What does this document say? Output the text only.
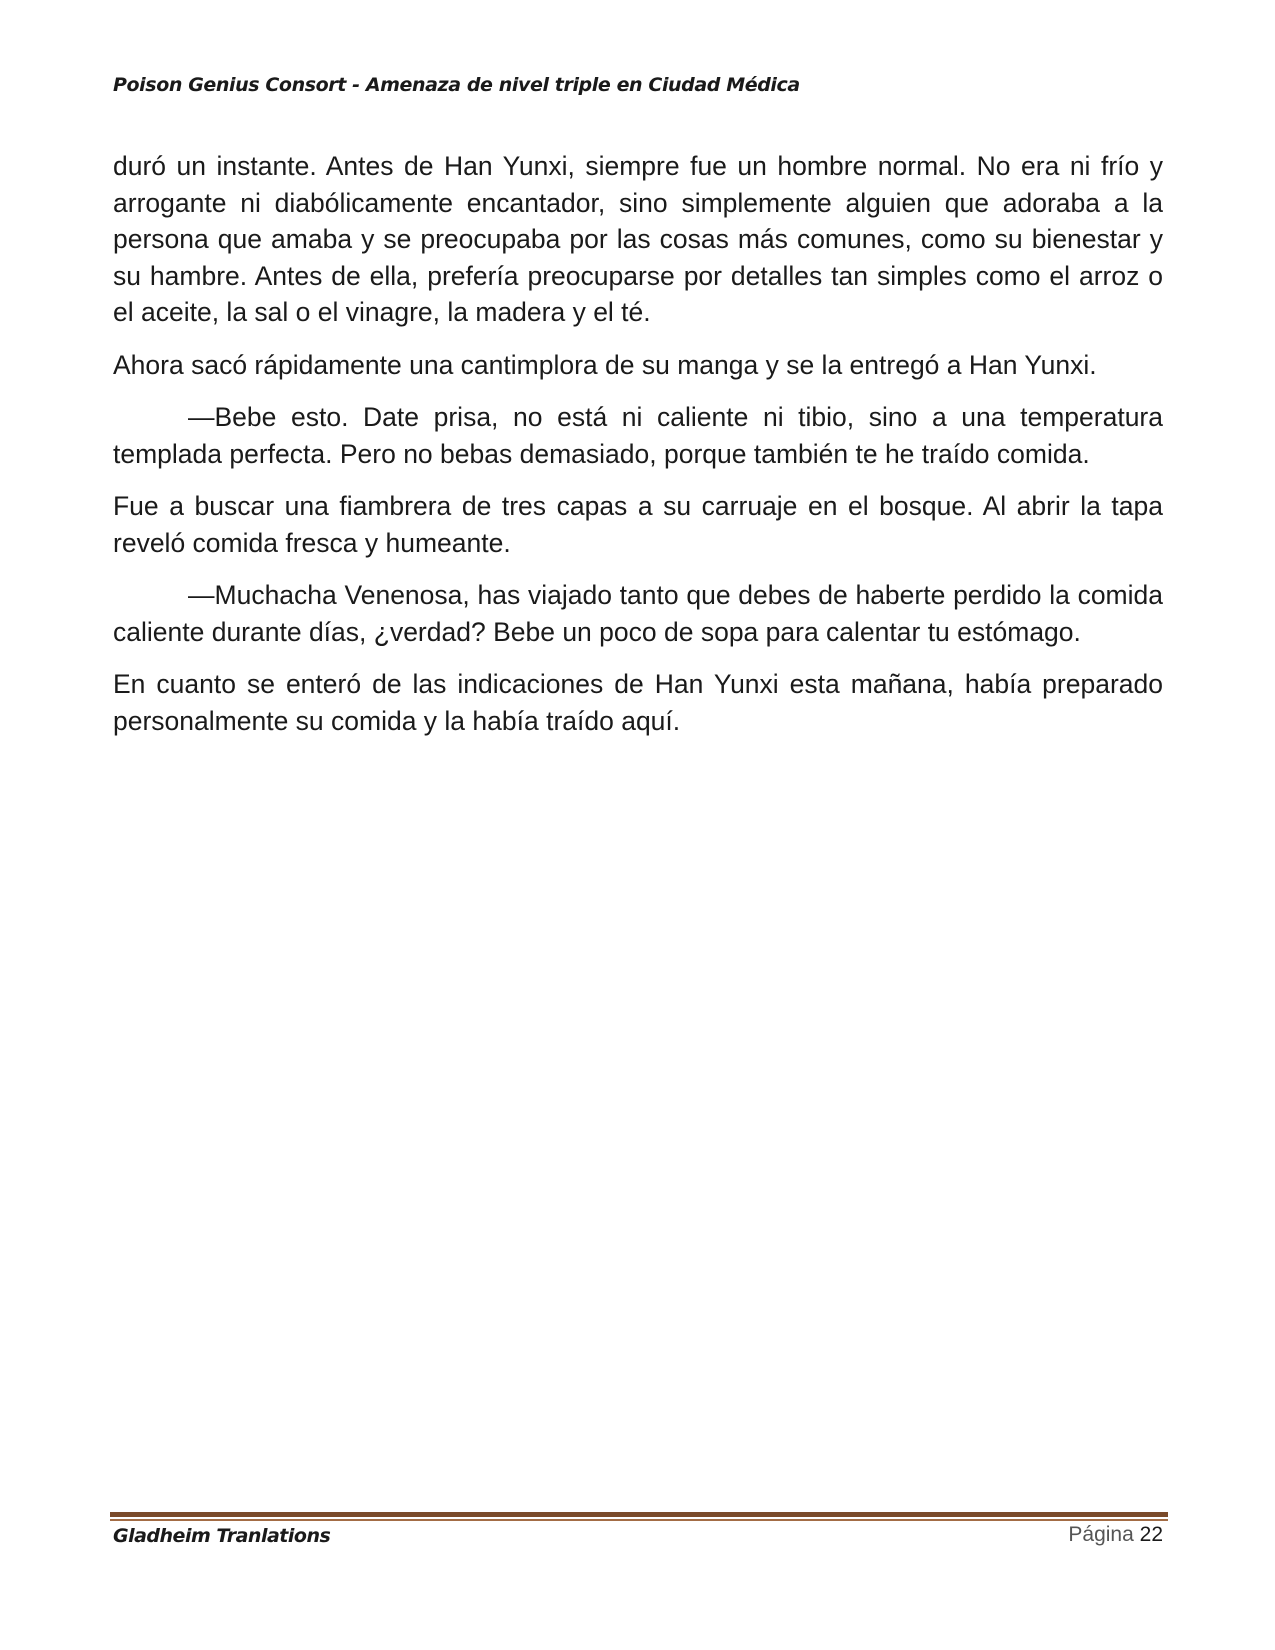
Poison Genius Consort - Amenaza de nivel triple en Ciudad Médica

duró un instante. Antes de Han Yunxi, siempre fue un hombre normal. No era ni frío y arrogante ni diabólicamente encantador, sino simplemente alguien que adoraba a la persona que amaba y se preocupaba por las cosas más comunes, como su bienestar y su hambre. Antes de ella, prefería preocuparse por detalles tan simples como el arroz o el aceite, la sal o el vinagre, la madera y el té.

Ahora sacó rápidamente una cantimplora de su manga y se la entregó a Han Yunxi.

—Bebe esto. Date prisa, no está ni caliente ni tibio, sino a una temperatura templada perfecta. Pero no bebas demasiado, porque también te he traído comida.

Fue a buscar una fiambrera de tres capas a su carruaje en el bosque. Al abrir la tapa reveló comida fresca y humeante.

—Muchacha Venenosa, has viajado tanto que debes de haberte perdido la comida caliente durante días, ¿verdad? Bebe un poco de sopa para calentar tu estómago.

En cuanto se enteró de las indicaciones de Han Yunxi esta mañana, había preparado personalmente su comida y la había traído aquí.

Gladheim Tranlations	Página 22
